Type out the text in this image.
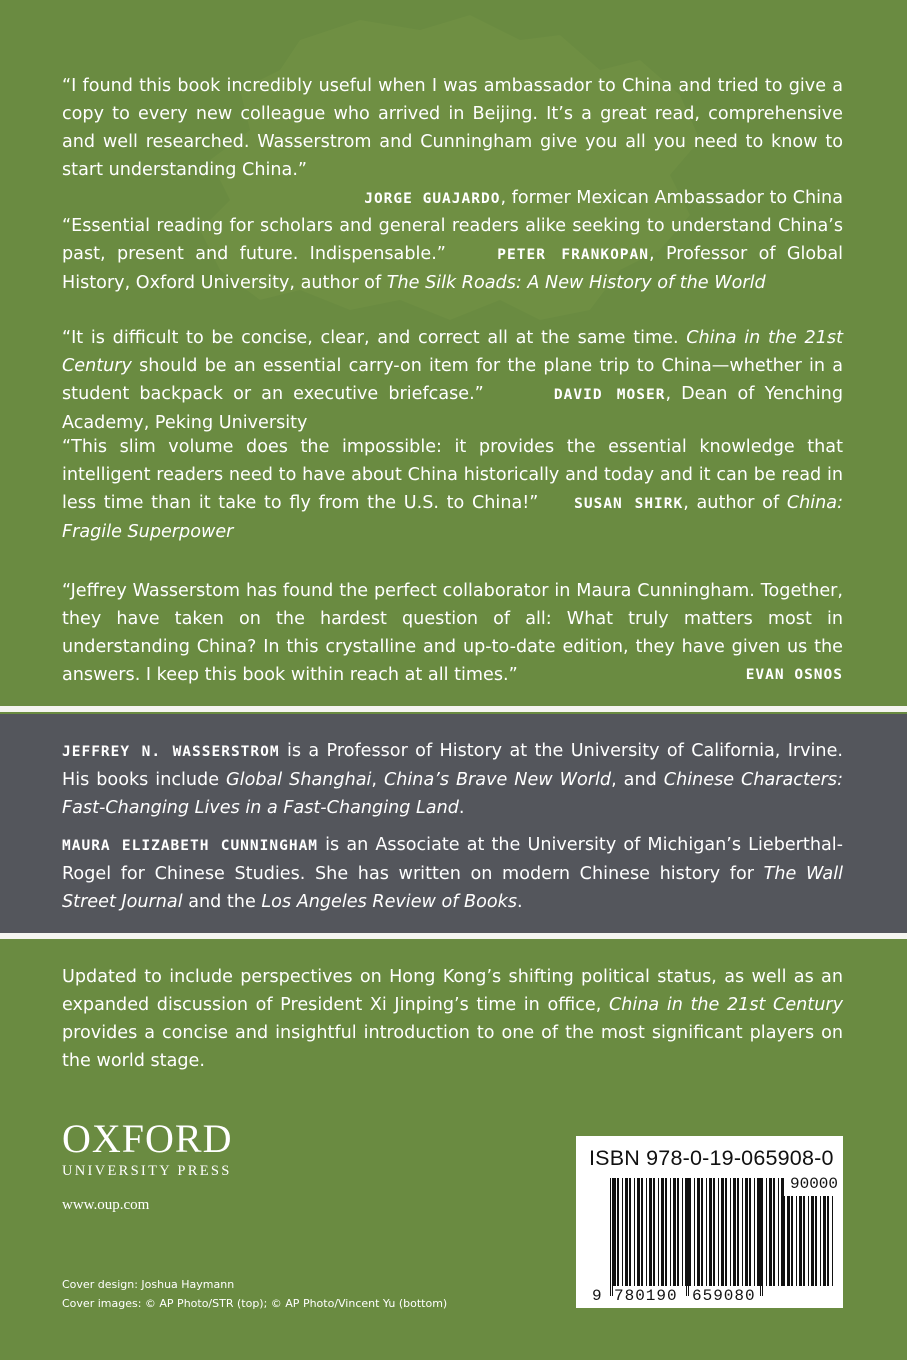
“I found this book incredibly useful when I was ambassador to China and tried to give a copy to every new colleague who arrived in Beijing. It’s a great read, comprehensive and well researched. Wasserstrom and Cunningham give you all you need to know to start understanding China.”
JORGE GUAJARDO, former Mexican Ambassador to China
“Essential reading for scholars and general readers alike seeking to understand China’s past, present and future. Indispensable.”	PETER FRANKOPAN, Professor of Global History, Oxford University, author of The Silk Roads: A New History of the World
“It is difficult to be concise, clear, and correct all at the same time. China in the 21st Century should be an essential carry-on item for the plane trip to China—whether in a student backpack or an executive briefcase.”	DAVID MOSER, Dean of Yenching Academy, Peking University
“This slim volume does the impossible: it provides the essential knowledge that intelligent readers need to have about China historically and today and it can be read in less time than it take to fly from the U.S. to China!” SUSAN SHIRK, author of China: Fragile Superpower
“Jeffrey Wasserstom has found the perfect collaborator in Maura Cunningham. Together, they have taken on the hardest question of all: What truly matters most in understanding China? In this crystalline and up-to-date edition, they have given us the answers. I keep this book within reach at all times.”	EVAN OSNOS
JEFFREY N. WASSERSTROM is a Professor of History at the University of California, Irvine. His books include Global Shanghai, China’s Brave New World, and Chinese Characters: Fast-Changing Lives in a Fast-Changing Land.
MAURA ELIZABETH CUNNINGHAM is an Associate at the University of Michigan’s Lieberthal-Rogel for Chinese Studies. She has written on modern Chinese history for The Wall Street Journal and the Los Angeles Review of Books.
Updated to include perspectives on Hong Kong’s shifting political status, as well as an expanded discussion of President Xi Jinping’s time in office, China in the 21st Century provides a concise and insightful introduction to one of the most significant players on the world stage.
OXFORD
UNIVERSITY PRESS
www.oup.com
Cover design: Joshua Haymann
Cover images: © AP Photo/STR (top); © AP Photo/Vincent Yu (bottom)
ISBN 978-0-19-065908-0
90000
9 780190 659080
